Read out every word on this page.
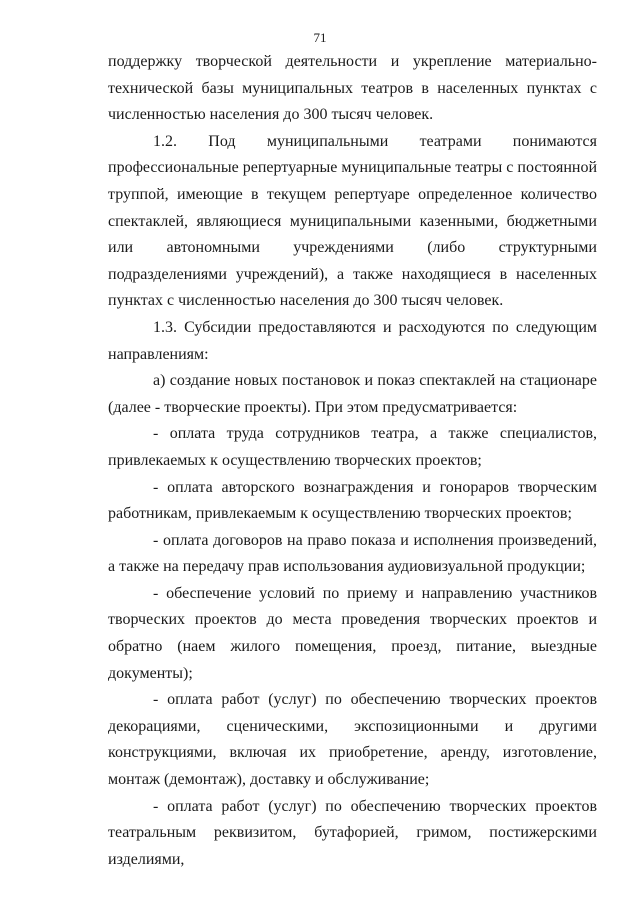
71

поддержку творческой деятельности и укрепление материально-технической базы муниципальных театров в населенных пунктах с численностью населения до 300 тысяч человек.

1.2. Под муниципальными театрами понимаются профессиональные репертуарные муниципальные театры с постоянной труппой, имеющие в текущем репертуаре определенное количество спектаклей, являющиеся муниципальными казенными, бюджетными или автономными учреждениями (либо структурными подразделениями учреждений), а также находящиеся в населенных пунктах с численностью населения до 300 тысяч человек.

1.3. Субсидии предоставляются и расходуются по следующим направлениям:

а) создание новых постановок и показ спектаклей на стационаре (далее - творческие проекты). При этом предусматривается:

- оплата труда сотрудников театра, а также специалистов, привлекаемых к осуществлению творческих проектов;

- оплата авторского вознаграждения и гонораров творческим работникам, привлекаемым к осуществлению творческих проектов;

- оплата договоров на право показа и исполнения произведений, а также на передачу прав использования аудиовизуальной продукции;

- обеспечение условий по приему и направлению участников творческих проектов до места проведения творческих проектов и обратно (наем жилого помещения, проезд, питание, выездные документы);

- оплата работ (услуг) по обеспечению творческих проектов декорациями, сценическими, экспозиционными и другими конструкциями, включая их приобретение, аренду, изготовление, монтаж (демонтаж), доставку и обслуживание;

- оплата работ (услуг) по обеспечению творческих проектов театральным реквизитом, бутафорией, гримом, постижерскими изделиями,
